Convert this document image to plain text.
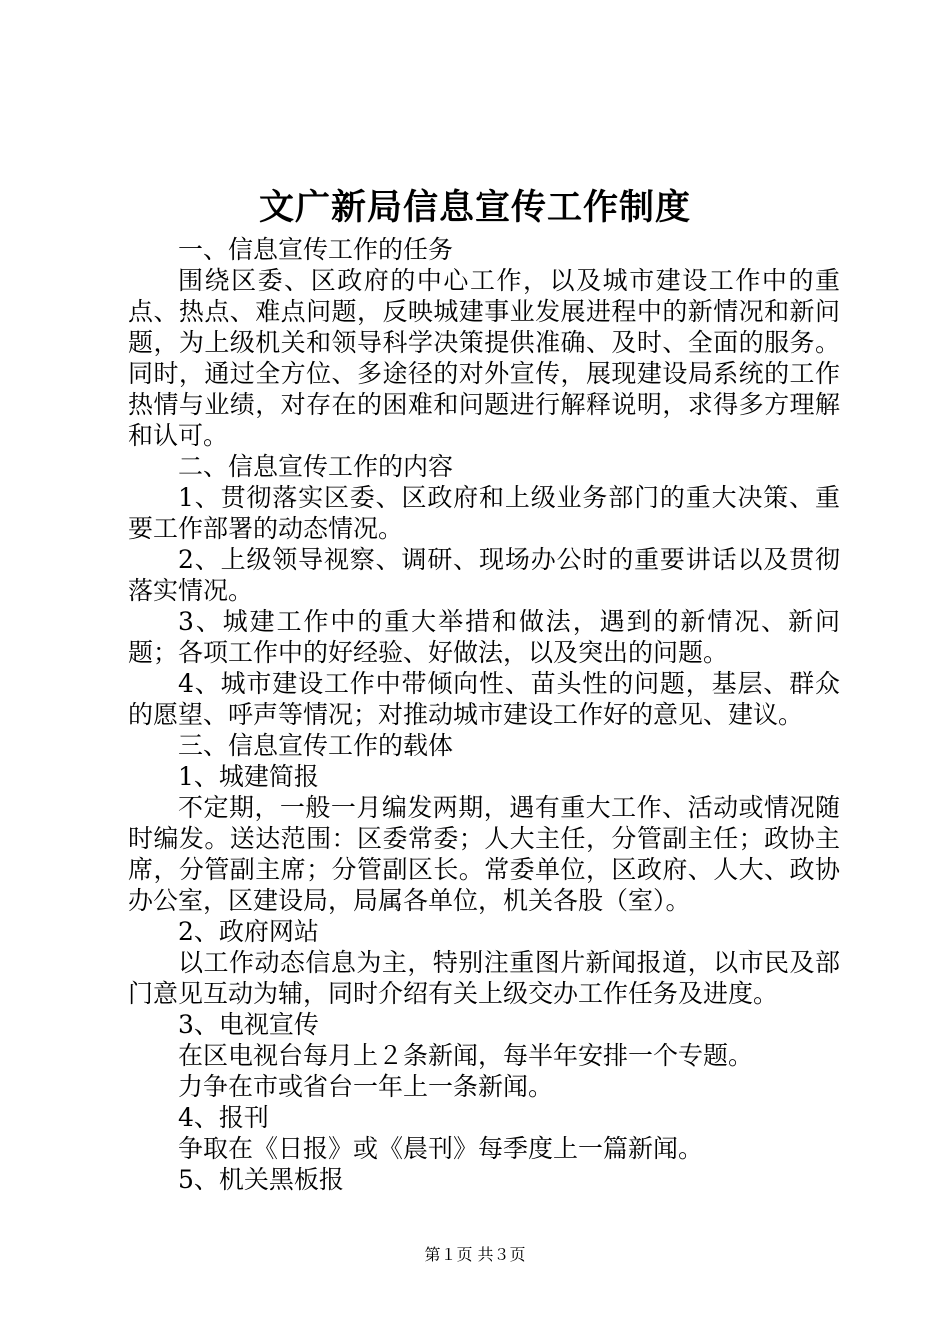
文广新局信息宣传工作制度

一、信息宣传工作的任务

围绕区委、区政府的中心工作，以及城市建设工作中的重点、热点、难点问题，反映城建事业发展进程中的新情况和新问题，为上级机关和领导科学决策提供准确、及时、全面的服务。同时，通过全方位、多途径的对外宣传，展现建设局系统的工作热情与业绩，对存在的困难和问题进行解释说明，求得多方理解和认可。

二、信息宣传工作的内容

1、贯彻落实区委、区政府和上级业务部门的重大决策、重要工作部署的动态情况。

2、上级领导视察、调研、现场办公时的重要讲话以及贯彻落实情况。

3、城建工作中的重大举措和做法，遇到的新情况、新问题；各项工作中的好经验、好做法，以及突出的问题。

4、城市建设工作中带倾向性、苗头性的问题，基层、群众的愿望、呼声等情况；对推动城市建设工作好的意见、建议。

三、信息宣传工作的载体

1、城建简报

不定期，一般一月编发两期，遇有重大工作、活动或情况随时编发。送达范围：区委常委；人大主任，分管副主任；政协主席，分管副主席；分管副区长。常委单位，区政府、人大、政协办公室，区建设局，局属各单位，机关各股（室）。

2、政府网站

以工作动态信息为主，特别注重图片新闻报道，以市民及部门意见互动为辅，同时介绍有关上级交办工作任务及进度。

3、电视宣传

在区电视台每月上２条新闻，每半年安排一个专题。

力争在市或省台一年上一条新闻。

4、报刊

争取在《日报》或《晨刊》每季度上一篇新闻。

5、机关黑板报

第１页 共３页
